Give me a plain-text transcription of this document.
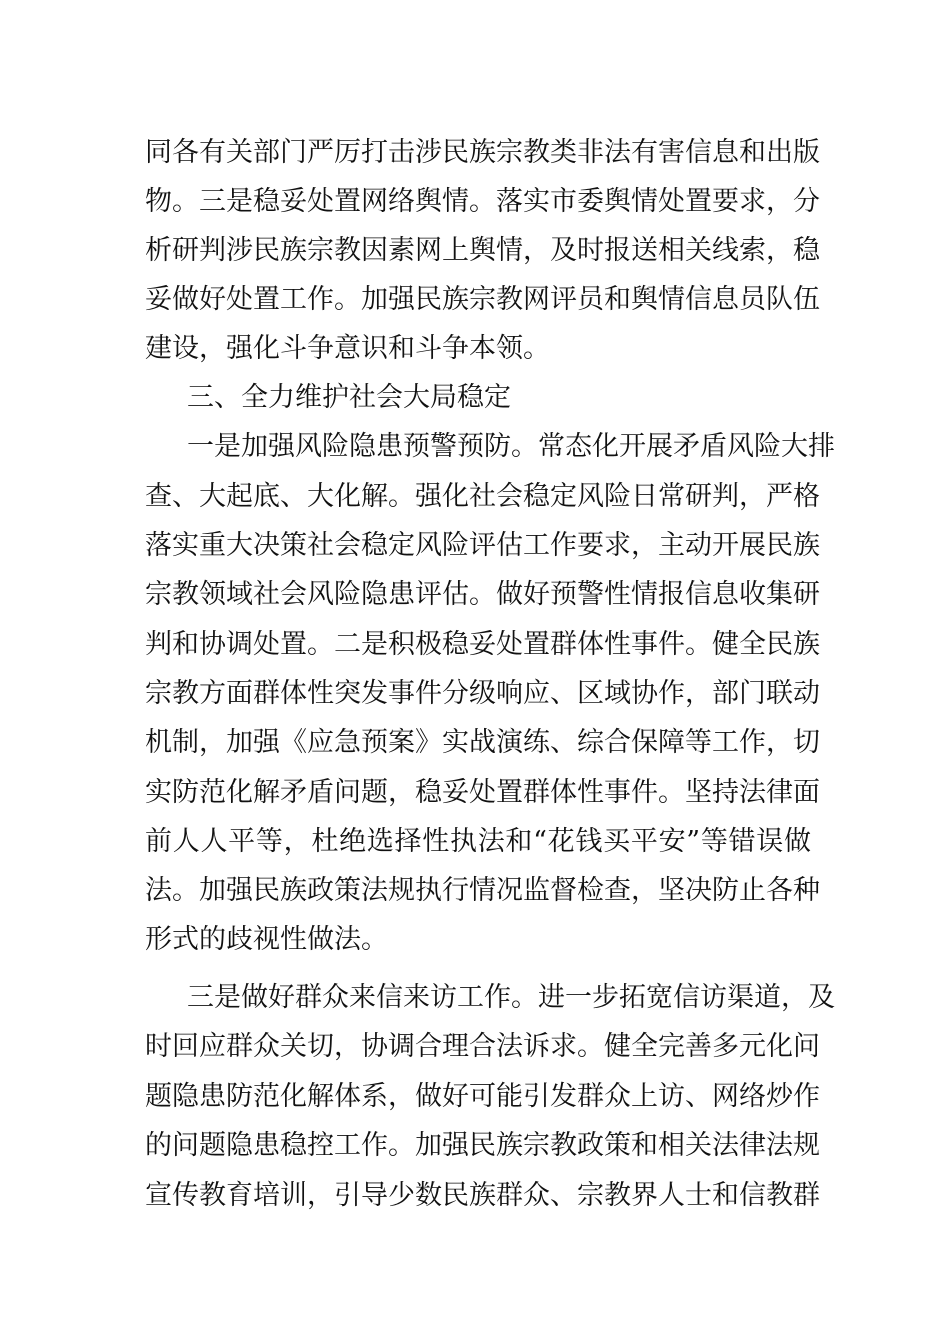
同各有关部门严厉打击涉民族宗教类非法有害信息和出版
物。三是稳妥处置网络舆情。落实市委舆情处置要求，分
析研判涉民族宗教因素网上舆情，及时报送相关线索，稳
妥做好处置工作。加强民族宗教网评员和舆情信息员队伍
建设，强化斗争意识和斗争本领。
三、全力维护社会大局稳定
一是加强风险隐患预警预防。常态化开展矛盾风险大排
查、大起底、大化解。强化社会稳定风险日常研判，严格
落实重大决策社会稳定风险评估工作要求，主动开展民族
宗教领域社会风险隐患评估。做好预警性情报信息收集研
判和协调处置。二是积极稳妥处置群体性事件。健全民族
宗教方面群体性突发事件分级响应、区域协作，部门联动
机制，加强《应急预案》实战演练、综合保障等工作，切
实防范化解矛盾问题，稳妥处置群体性事件。坚持法律面
前人人平等，杜绝选择性执法和“花钱买平安”等错误做
法。加强民族政策法规执行情况监督检查，坚决防止各种
形式的歧视性做法。
三是做好群众来信来访工作。进一步拓宽信访渠道，及
时回应群众关切，协调合理合法诉求。健全完善多元化问
题隐患防范化解体系，做好可能引发群众上访、网络炒作
的问题隐患稳控工作。加强民族宗教政策和相关法律法规
宣传教育培训，引导少数民族群众、宗教界人士和信教群
